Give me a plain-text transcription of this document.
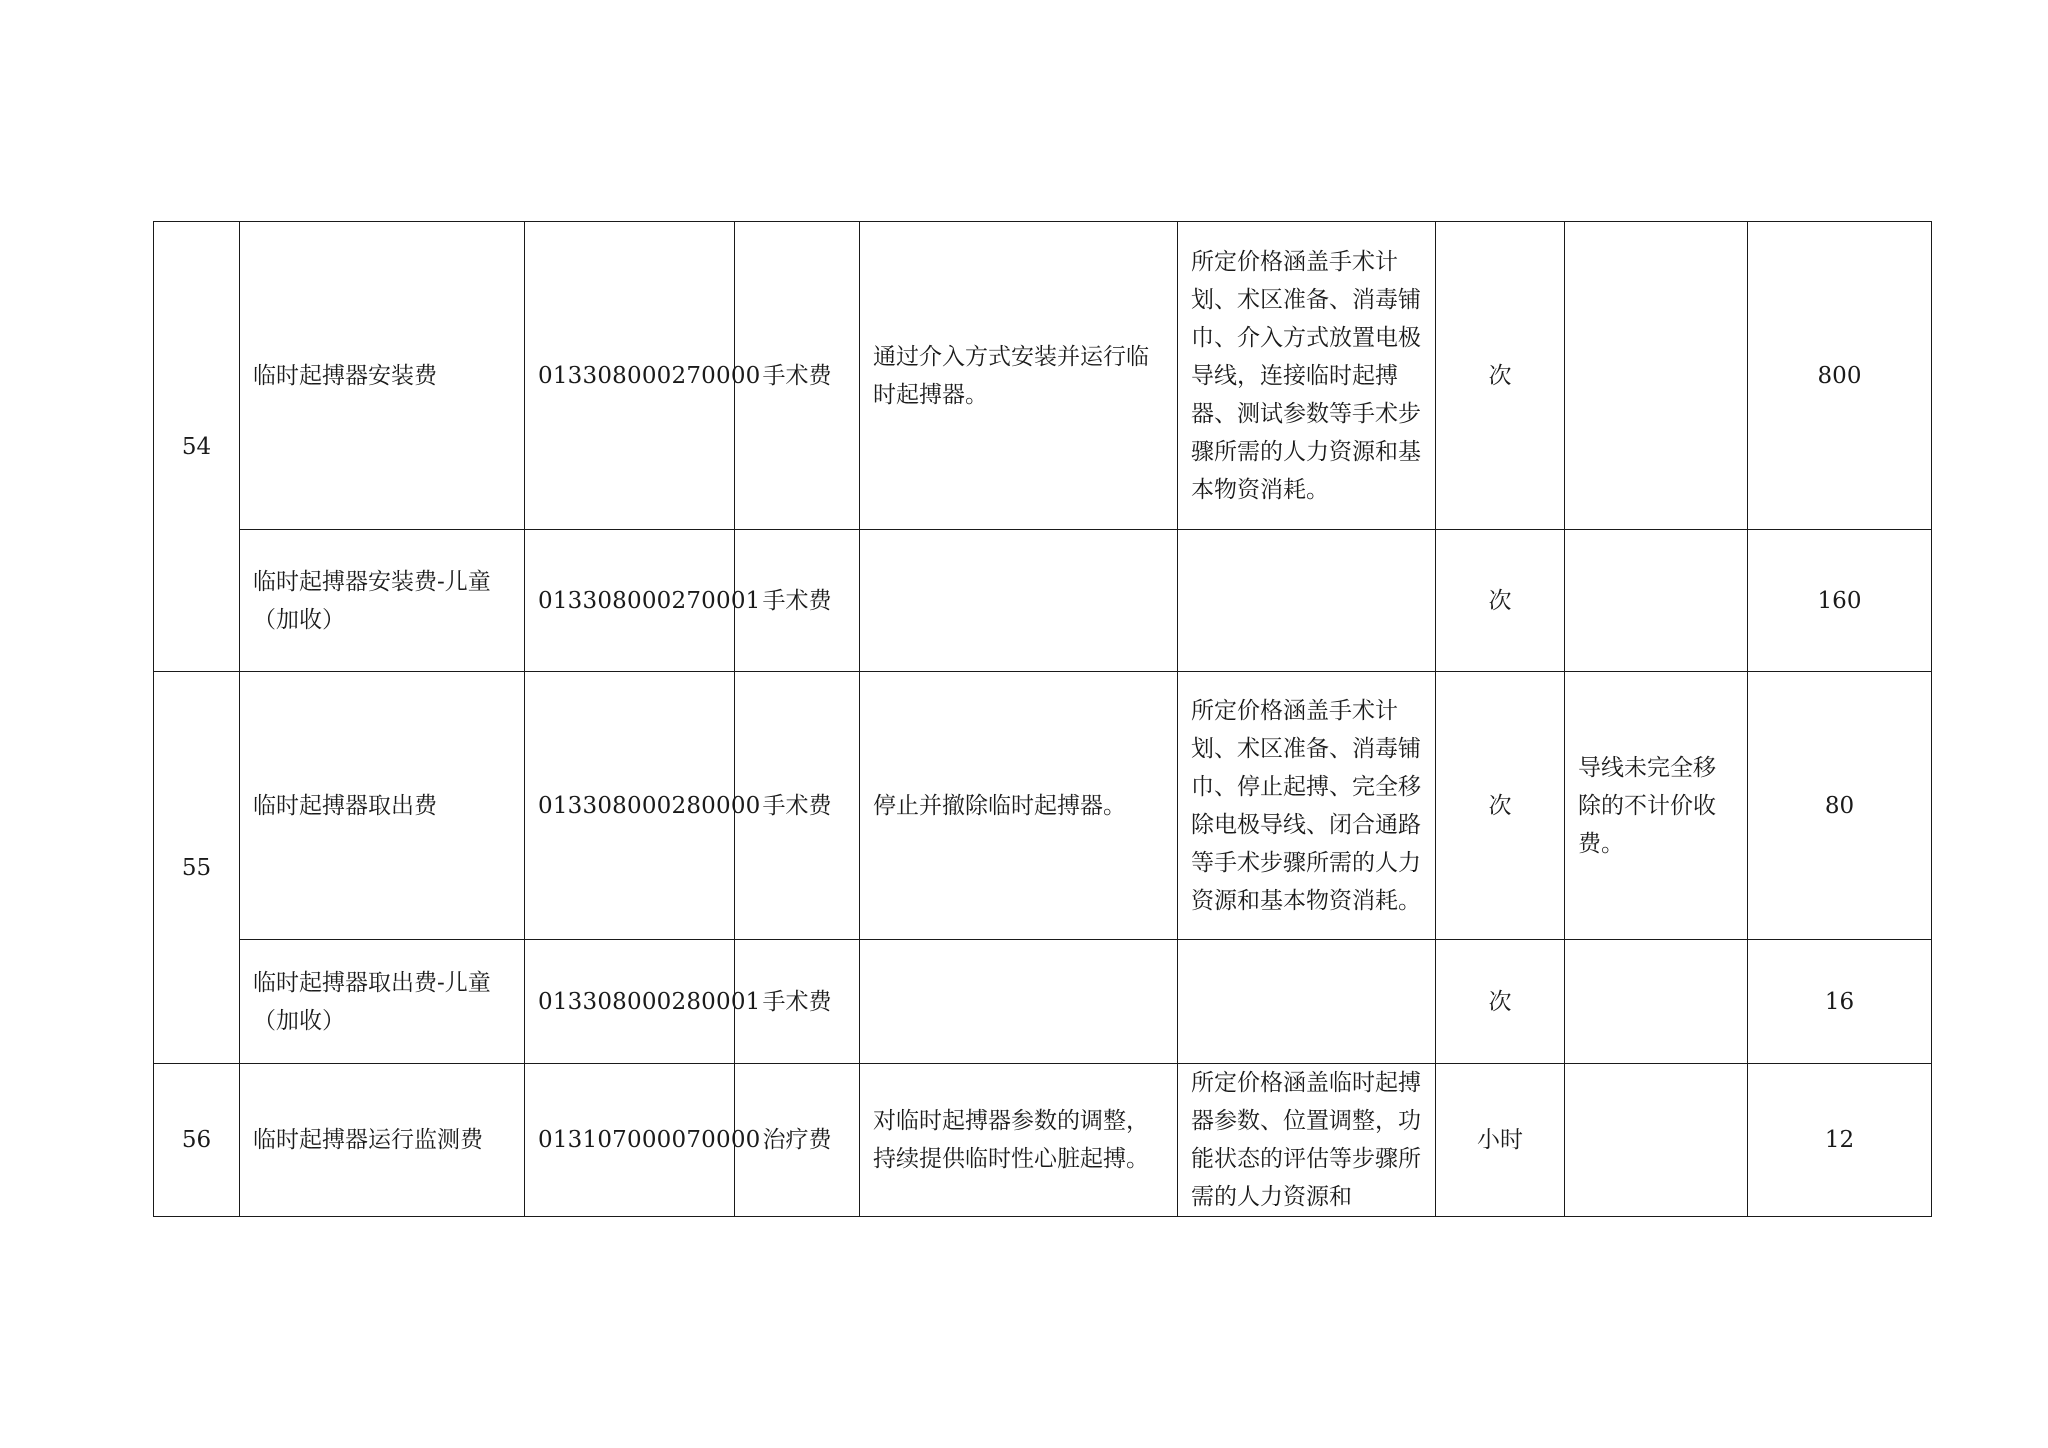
54	临时起搏器安装费	013308000270000	手术费	通过介入方式安装并运行临时起搏器。	所定价格涵盖手术计划、术区准备、消毒铺巾、介入方式放置电极导线，连接临时起搏器、测试参数等手术步骤所需的人力资源和基本物资消耗。	次		800
	临时起搏器安装费-儿童（加收）	013308000270001	手术费			次		160
55	临时起搏器取出费	013308000280000	手术费	停止并撤除临时起搏器。	所定价格涵盖手术计划、术区准备、消毒铺巾、停止起搏、完全移除电极导线、闭合通路等手术步骤所需的人力资源和基本物资消耗。	次	导线未完全移除的不计价收费。	80
	临时起搏器取出费-儿童（加收）	013308000280001	手术费			次		16
56	临时起搏器运行监测费	013107000070000	治疗费	对临时起搏器参数的调整，持续提供临时性心脏起搏。	所定价格涵盖临时起搏器参数、位置调整，功能状态的评估等步骤所需的人力资源和	小时		12
